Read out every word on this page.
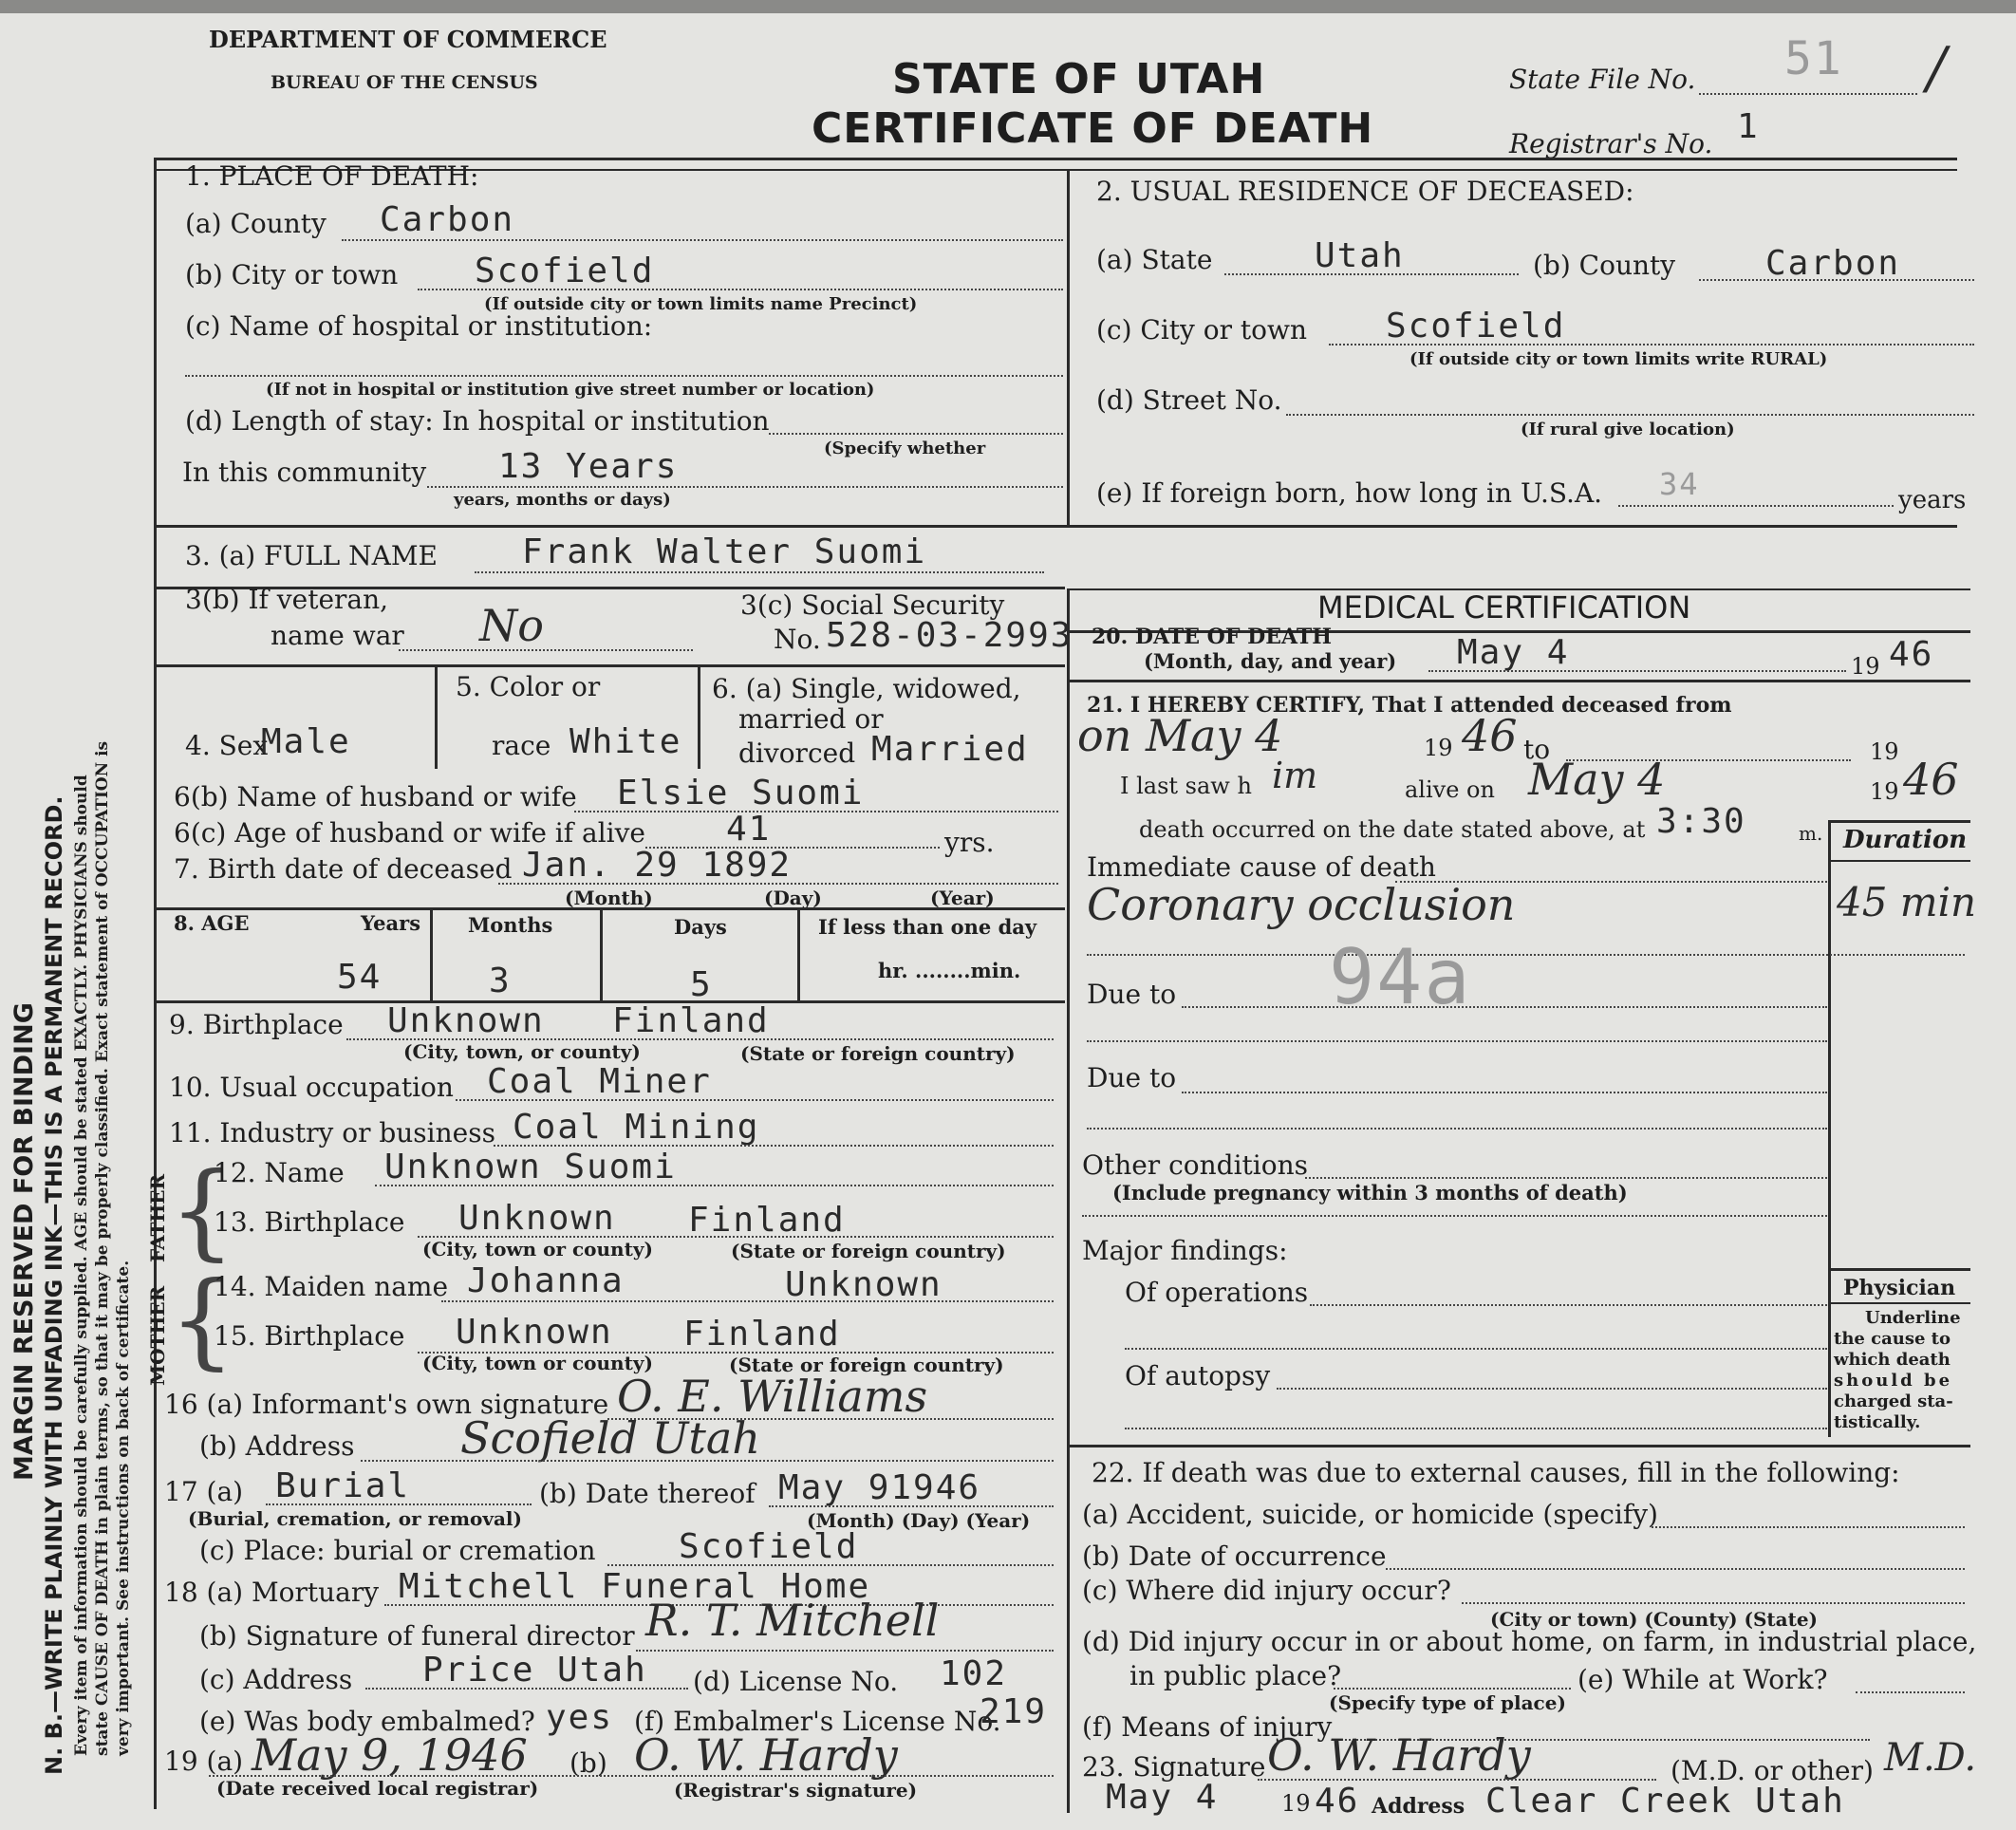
MARGIN RESERVED FOR BINDING N. B.—WRITE PLAINLY WITH UNFADING INK—THIS IS A PERMANENT RECORD. Every item of information should be carefully supplied. AGE should be stated EXACTLY. PHYSICIANS should state CAUSE OF DEATH in plain terms, so that it may be properly classified. Exact statement of OCCUPATION is very important. See instructions on back of certificate.
DEPARTMENT OF COMMERCE
BUREAU OF THE CENSUS	STATE OF UTAH
CERTIFICATE OF DEATH
State File No. 51 /
Registrar's No. 1
1. PLACE OF DEATH:
(a) County Carbon
(b) City or town Scofield
(If outside city or town limits name Precinct)
(c) Name of hospital or institution:
(If not in hospital or institution give street number or location)
(d) Length of stay: In hospital or institution
(Specify whether
In this community 13 Years
years, months or days)
2. USUAL RESIDENCE OF DECEASED:
(a) State	Utah	(b) County	Carbon
(c) City or town Scofield
(If outside city or town limits write RURAL)
(d) Street No.
(If rural give location)
(e) If foreign born, how long in U.S.A. 34	years
3. (a) FULL NAME Frank Walter Suomi
3(b) If veteran,
name war No	3(c) Social Security
No. 528-03-2993
4. Sex
Male
5. Color or
race White
6. (a) Single, widowed,
married or
divorced Married
6(b) Name of husband or wife Elsie Suomi
6(c) Age of husband or wife if alive 41	yrs.
7. Birth date of deceased Jan. 29 1892
(Month)	(Day)	(Year)
8. AGE	Years Months	Days	If less than one day
hr. ........min.
54	3	5
9. Birthplace Unknown Finland
(City, town, or county)	(State or foreign country)
10. Usual occupation Coal Miner
11. Industry or business Coal Mining
FATHER
MOTHER
{
{
12. Name Unknown Suomi
13. Birthplace Unknown Finland
(City, town or county)	(State or foreign country)
14. Maiden name Johanna	Unknown
15. Birthplace Unknown Finland
(City, town or county)	(State or foreign country)
16 (a) Informant's own signature O. E. Williams
(b) Address Scofield Utah
17 (a) Burial
(Burial, cremation, or removal)
(b) Date thereof May 91946
(Month) (Day) (Year)
(c) Place: burial or cremation Scofield
18 (a) Mortuary Mitchell Funeral Home
(b) Signature of funeral director R. T. Mitchell
(c) Address Price Utah (d) License No. 102
(e) Was body embalmed? yes (f) Embalmer's License No.
219
19 (a) May 9, 1946 (b) O. W. Hardy
(Date received local registrar)	(Registrar's signature)
MEDICAL CERTIFICATION
20. DATE OF DEATH
(Month, day, and year) May 4	19 46
21. I HEREBY CERTIFY, That I attended deceased from
on May 4	19 46 to	19
I last saw h im	alive on May 4	19 46
death occurred on the date stated above, at 3:30	m. Duration
Immediate cause of death
Coronary occlusion	45 min
Due to 94a
Due to
Other conditions
(Include pregnancy within 3 months of death)
Major findings:
Of operations
Of autopsy
Physician
Underline
the cause to
which death
should be
charged sta-
tistically.
22. If death was due to external causes, fill in the following:
(a) Accident, suicide, or homicide (specify)
(b) Date of occurrence
(c) Where did injury occur?
(City or town) (County) (State)
(d) Did injury occur in or about home, on farm, in industrial place,
in public place?
(Specify type of place)
(e) While at Work?
(f) Means of injury
23. Signature O. W. Hardy	(M.D. or other) M.D.
May 4	19 46 Address Clear Creek Utah
